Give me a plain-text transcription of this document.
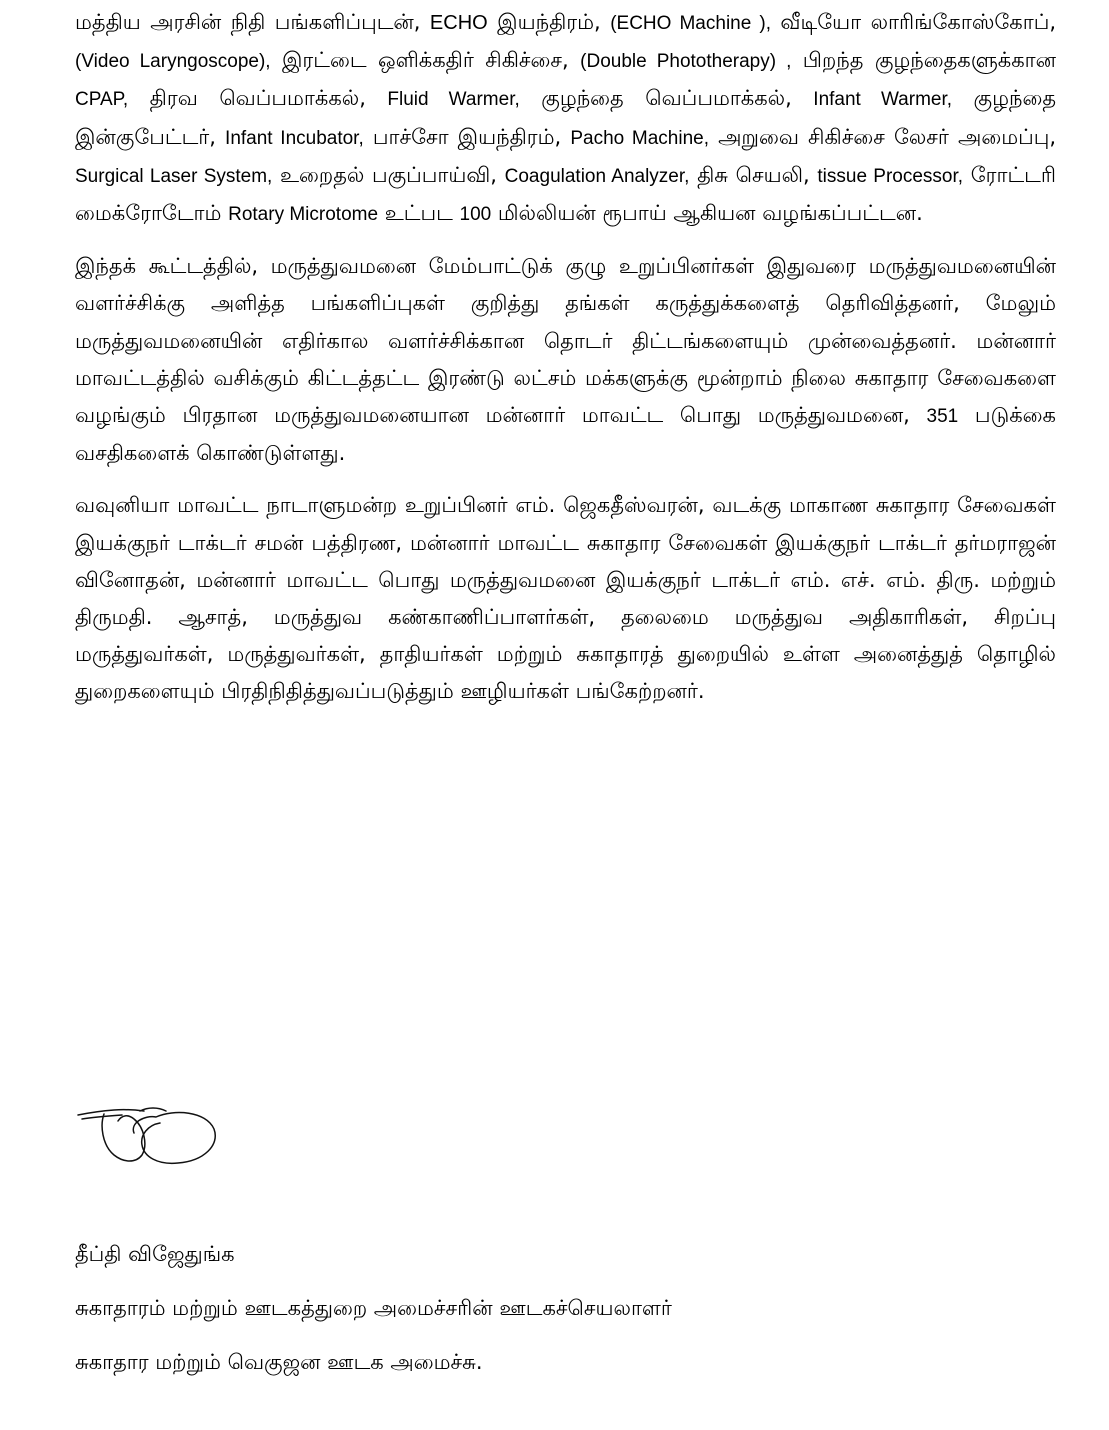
மத்திய அரசின் நிதி பங்களிப்புடன், ECHO இயந்திரம், (ECHO Machine ), வீடியோ லாரிங்கோஸ்கோப், (Video Laryngoscope), இரட்டை ஒளிக்கதிர் சிகிச்சை, (Double Phototherapy) , பிறந்த குழந்தைகளுக்கான CPAP, திரவ வெப்பமாக்கல், Fluid Warmer, குழந்தை வெப்பமாக்கல், Infant Warmer, குழந்தை இன்குபேட்டர், Infant Incubator, பாச்சோ இயந்திரம், Pacho Machine, அறுவை சிகிச்சை லேசர் அமைப்பு, Surgical Laser System, உறைதல் பகுப்பாய்வி, Coagulation Analyzer, திசு செயலி, tissue Processor, ரோட்டரி மைக்ரோடோம் Rotary Microtome உட்பட 100 மில்லியன் ரூபாய் ஆகியன வழங்கப்பட்டன.

இந்தக் கூட்டத்தில், மருத்துவமனை மேம்பாட்டுக் குழு உறுப்பினர்கள் இதுவரை மருத்துவமனையின் வளர்ச்சிக்கு அளித்த பங்களிப்புகள் குறித்து தங்கள் கருத்துக்களைத் தெரிவித்தனர், மேலும் மருத்துவமனையின் எதிர்கால வளர்ச்சிக்கான தொடர் திட்டங்களையும் முன்வைத்தனர். மன்னார் மாவட்டத்தில் வசிக்கும் கிட்டத்தட்ட இரண்டு லட்சம் மக்களுக்கு மூன்றாம் நிலை சுகாதார சேவைகளை வழங்கும் பிரதான மருத்துவமனையான மன்னார் மாவட்ட பொது மருத்துவமனை, 351 படுக்கை வசதிகளைக் கொண்டுள்ளது.

வவுனியா மாவட்ட நாடாளுமன்ற உறுப்பினர் எம். ஜெகதீஸ்வரன், வடக்கு மாகாண சுகாதார சேவைகள் இயக்குநர் டாக்டர் சமன் பத்திரண, மன்னார் மாவட்ட சுகாதார சேவைகள் இயக்குநர் டாக்டர் தர்மராஜன் வினோதன், மன்னார் மாவட்ட பொது மருத்துவமனை இயக்குநர் டாக்டர் எம். எச். எம். திரு. மற்றும் திருமதி. ஆசாத், மருத்துவ கண்காணிப்பாளர்கள், தலைமை மருத்துவ அதிகாரிகள், சிறப்பு மருத்துவர்கள், மருத்துவர்கள், தாதியர்கள் மற்றும் சுகாதாரத் துறையில் உள்ள அனைத்துத் தொழில் துறைகளையும் பிரதிநிதித்துவப்படுத்தும் ஊழியர்கள் பங்கேற்றனர்.

தீப்தி விஜேதுங்க

சுகாதாரம் மற்றும் ஊடகத்துறை அமைச்சரின் ஊடகச்செயலாளர்

சுகாதார மற்றும் வெகுஜன ஊடக அமைச்சு.
